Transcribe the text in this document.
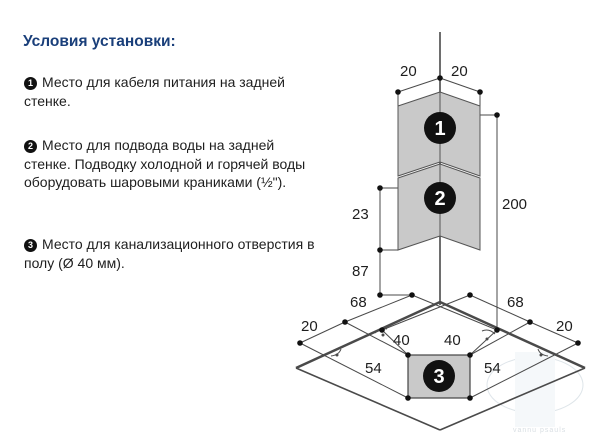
Условия установки:
1 Место для кабеля питания на задней стенке.
2 Место для подвода воды на задней стенке. Подводку холодной и горячей воды оборудовать шаровыми краниками (½").
3 Место для канализационного отверстия в полу (Ø 40 мм).
vannu psauls
1
2
3
20 20
200
23
87
68	68
20	20
40 40
54	54
